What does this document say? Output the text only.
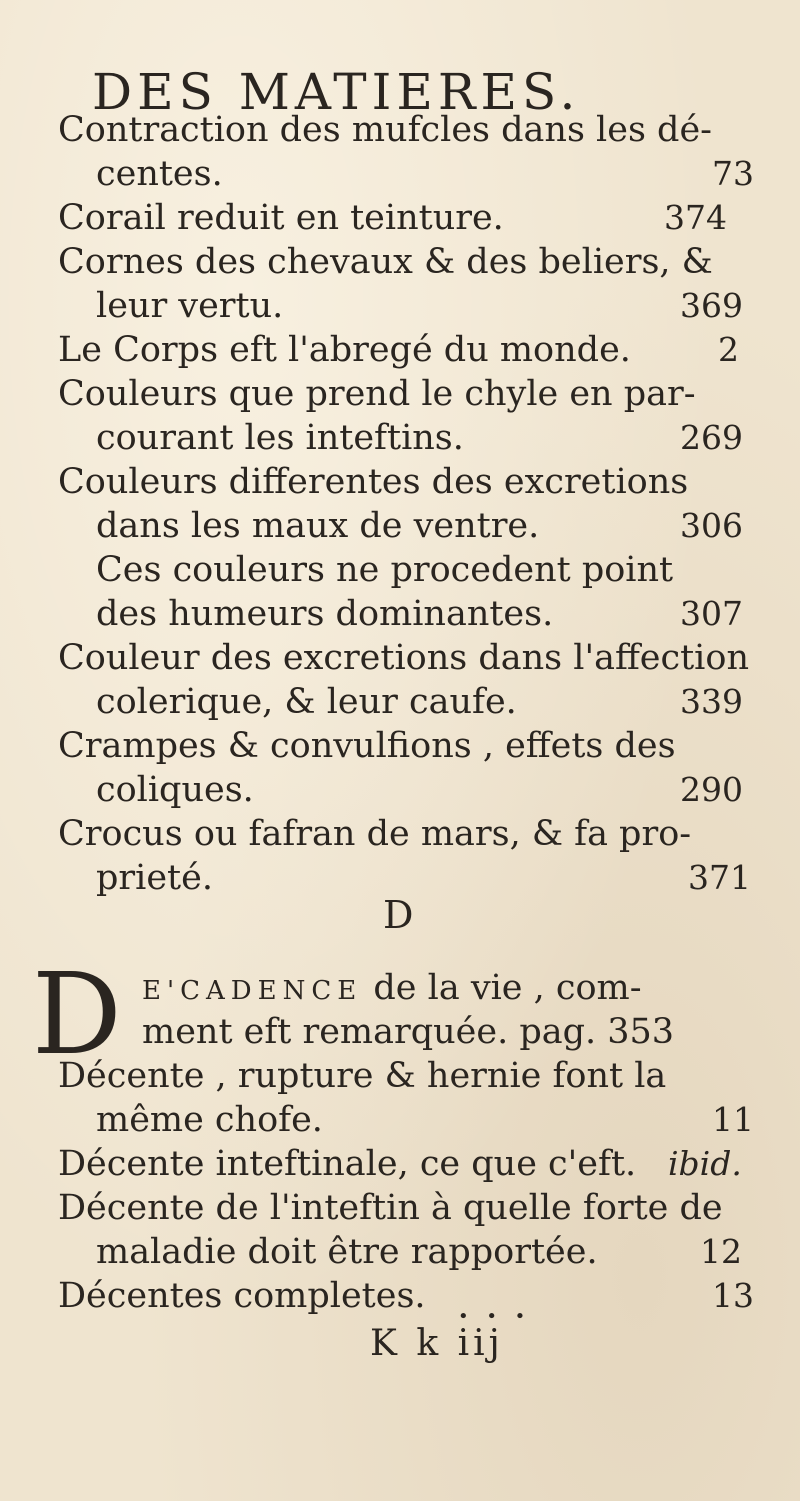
DES MATIERES.
Contraction des mufcles dans les dé-
centes.	73
Corail reduit en teinture.	374
Cornes des chevaux & des beliers, &
leur vertu.	369
Le Corps eft l'abregé du monde.	2
Couleurs que prend le chyle en par-
courant les inteftins.	269
Couleurs differentes des excretions
dans les maux de ventre.	306
Ces couleurs ne procedent point
des humeurs dominantes.	307
Couleur des excretions dans l'affection
colerique, & leur caufe.	339
Crampes & convulfions , effets des
coliques.	290
Crocus ou fafran de mars, & fa pro-
prieté.	371
D
D E'CADENCE de la vie , com-
ment eft remarquée. pag. 353
Décente , rupture & hernie font la
même chofe.	11
Décente inteftinale, ce que c'eft. ibid.
Décente de l'inteftin à quelle forte de
maladie doit être rapportée.	12
Décentes completes.	13
• • •
K k iij
